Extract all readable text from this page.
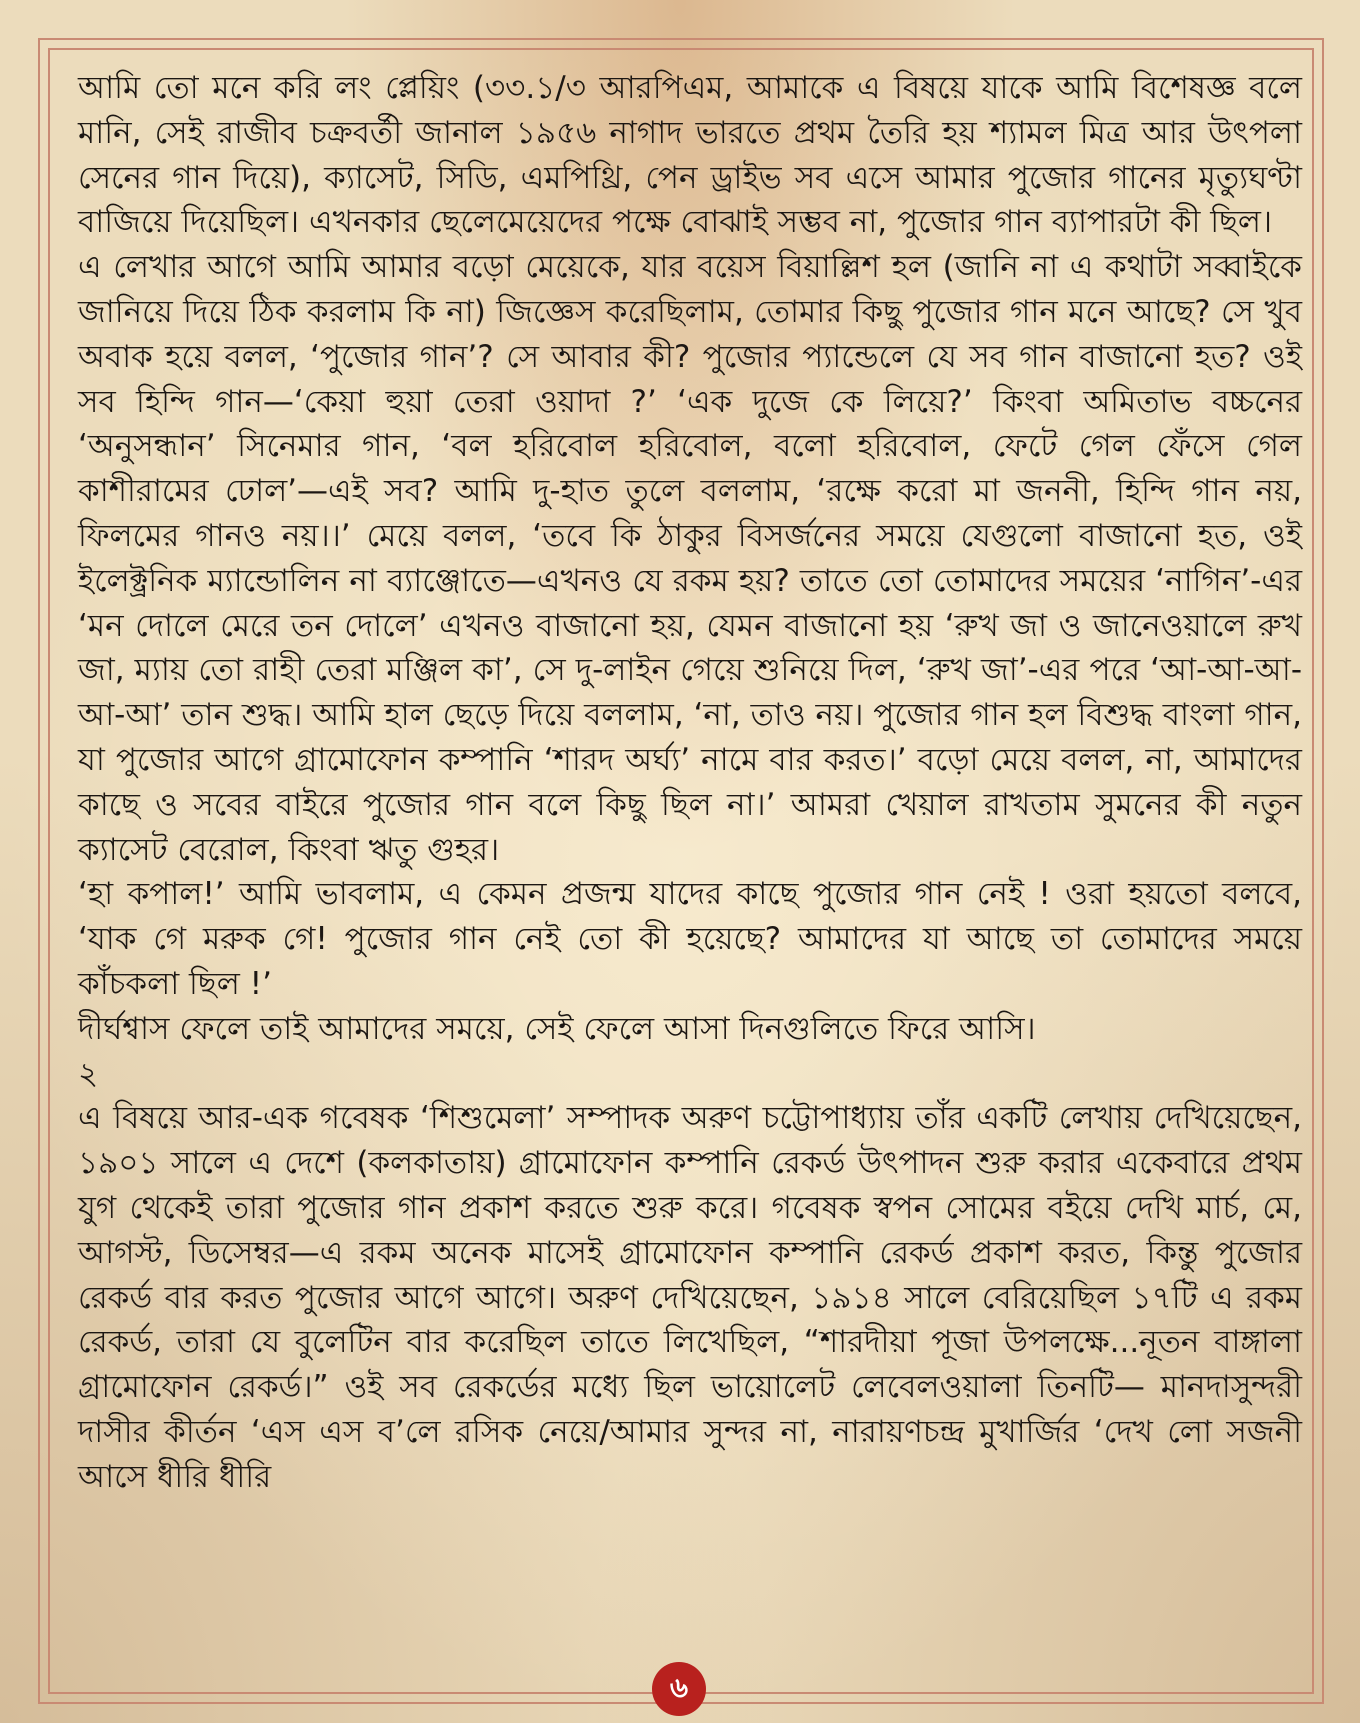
আমি তো মনে করি লং প্লেয়িং (৩৩.১/৩ আরপিএম, আমাকে এ বিষয়ে যাকে আমি বিশেষজ্ঞ বলে মানি, সেই রাজীব চক্রবর্তী জানাল ১৯৫৬ নাগাদ ভারতে প্রথম তৈরি হয় শ্যামল মিত্র আর উৎপলা সেনের গান দিয়ে), ক্যাসেট, সিডি, এমপিথ্রি, পেন ড্রাইভ সব এসে আমার পুজোর গানের মৃত্যুঘণ্টা বাজিয়ে দিয়েছিল। এখনকার ছেলেমেয়েদের পক্ষে বোঝাই সম্ভব না, পুজোর গান ব্যাপারটা কী ছিল।

এ লেখার আগে আমি আমার বড়ো মেয়েকে, যার বয়েস বিয়াল্লিশ হল (জানি না এ কথাটা সব্বাইকে জানিয়ে দিয়ে ঠিক করলাম কি না) জিজ্ঞেস করেছিলাম, তোমার কিছু পুজোর গান মনে আছে? সে খুব অবাক হয়ে বলল, ‘পুজোর গান’? সে আবার কী? পুজোর প্যান্ডেলে যে সব গান বাজানো হত? ওই সব হিন্দি গান—‘কেয়া হুয়া তেরা ওয়াদা ?’ ‘এক দুজে কে লিয়ে?’ কিংবা অমিতাভ বচ্চনের ‘অনুসন্ধান’ সিনেমার গান, ‘বল হরিবোল হরিবোল, বলো হরিবোল, ফেটে গেল ফেঁসে গেল কাশীরামের ঢোল’—এই সব? আমি দু-হাত তুলে বললাম, ‘রক্ষে করো মা জননী, হিন্দি গান নয়, ফিলমের গানও নয়।।’ মেয়ে বলল, ‘তবে কি ঠাকুর বিসর্জনের সময়ে যেগুলো বাজানো হত, ওই ইলেক্ট্রনিক ম্যান্ডোলিন না ব্যাঞ্জোতে—এখনও যে রকম হয়? তাতে তো তোমাদের সময়ের ‘নাগিন’-এর ‘মন দোলে মেরে তন দোলে’ এখনও বাজানো হয়, যেমন বাজানো হয় ‘রুখ জা ও জানেওয়ালে রুখ জা, ম্যায় তো রাহী তেরা মঞ্জিল কা’, সে দু-লাইন গেয়ে শুনিয়ে দিল, ‘রুখ জা’-এর পরে ‘আ-আ-আ-আ-আ’ তান শুদ্ধ। আমি হাল ছেড়ে দিয়ে বললাম, ‘না, তাও নয়। পুজোর গান হল বিশুদ্ধ বাংলা গান, যা পুজোর আগে গ্রামোফোন কম্পানি ‘শারদ অর্ঘ্য’ নামে বার করত।’ বড়ো মেয়ে বলল, না, আমাদের কাছে ও সবের বাইরে পুজোর গান বলে কিছু ছিল না।’ আমরা খেয়াল রাখতাম সুমনের কী নতুন ক্যাসেট বেরোল, কিংবা ঋতু গুহর।

‘হা কপাল!’ আমি ভাবলাম, এ কেমন প্রজন্ম যাদের কাছে পুজোর গান নেই ! ওরা হয়তো বলবে, ‘যাক গে মরুক গে! পুজোর গান নেই তো কী হয়েছে? আমাদের যা আছে তা তোমাদের সময়ে কাঁচকলা ছিল !’

দীর্ঘশ্বাস ফেলে তাই আমাদের সময়ে, সেই ফেলে আসা দিনগুলিতে ফিরে আসি।

২

এ বিষয়ে আর-এক গবেষক ‘শিশুমেলা’ সম্পাদক অরুণ চট্টোপাধ্যায় তাঁর একটি লেখায় দেখিয়েছেন, ১৯০১ সালে এ দেশে (কলকাতায়) গ্রামোফোন কম্পানি রেকর্ড উৎপাদন শুরু করার একেবারে প্রথম যুগ থেকেই তারা পুজোর গান প্রকাশ করতে শুরু করে। গবেষক স্বপন সোমের বইয়ে দেখি মার্চ, মে, আগস্ট, ডিসেম্বর—এ রকম অনেক মাসেই গ্রামোফোন কম্পানি রেকর্ড প্রকাশ করত, কিন্তু পুজোর রেকর্ড বার করত পুজোর আগে আগে। অরুণ দেখিয়েছেন, ১৯১৪ সালে বেরিয়েছিল ১৭টি এ রকম রেকর্ড, তারা যে বুলেটিন বার করেছিল তাতে লিখেছিল, “শারদীয়া পূজা উপলক্ষে...নূতন বাঙ্গালা গ্রামোফোন রেকর্ড।” ওই সব রেকর্ডের মধ্যে ছিল ভায়োলেট লেবেলওয়ালা তিনটি— মানদাসুন্দরী দাসীর কীর্তন ‘এস এস ব’লে রসিক নেয়ে/আমার সুন্দর না, নারায়ণচন্দ্র মুখার্জির ‘দেখ লো সজনী আসে ধীরি ধীরি

৬
